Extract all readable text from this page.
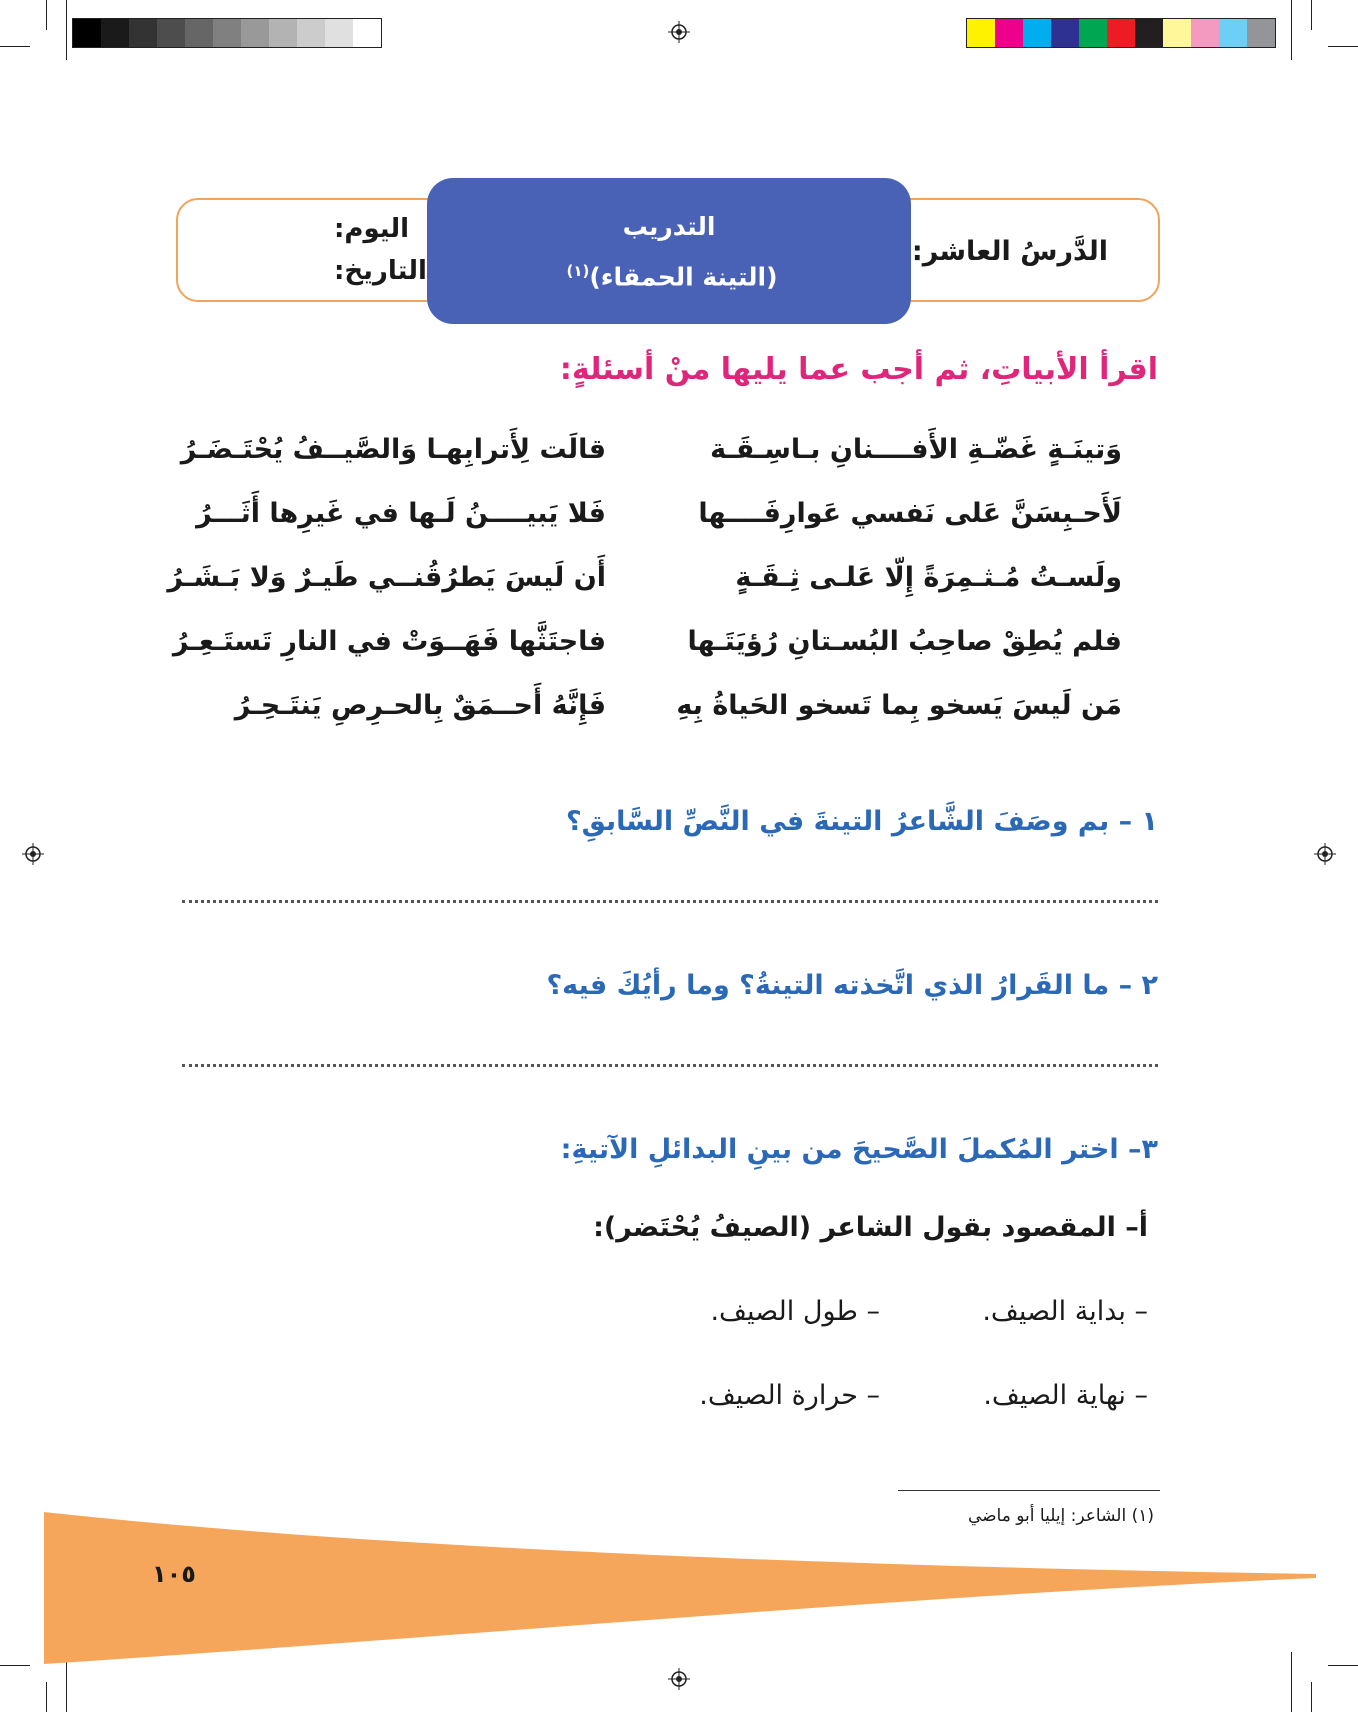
الدَّرسُ العاشر:
اليوم:
التاريخ:
التدريب
(التينة الحمقاء)$^{(١)}$
اقرأ الأبياتِ، ثم أجب عما يليها منْ أسئلةٍ:
وَتينَـةٍ غَضّـةِ الأَفــــنانِ بـاسِـقَـة
لَأَحـبِسَنَّ عَلى نَفسي عَوارِفَــــها
ولَسـتُ مُـثـمِرَةً إِلّا عَلـى ثِـقَـةٍ
فلم يُطِقْ صاحِبُ البُسـتانِ رُؤيَتَـها
مَن لَيسَ يَسخو بِما تَسخو الحَياةُ بِهِ
قالَت لِأَترابِهـا وَالصَّيــفُ يُحْتَـضَـرُ
فَلا يَبيــــنُ لَـها في غَيرِها أَثَـــرُ
أَن لَيسَ يَطرُقُنــي طَيـرٌ وَلا بَـشَـرُ
فاجتَثَّها فَهَــوَتْ في النارِ تَستَـعِـرُ
فَإِنَّهُ أَحــمَقٌ بِالحـرِصِ يَنتَـحِـرُ
١ – بم وصَفَ الشَّاعرُ التينةَ في النَّصِّ السَّابقِ؟
٢ – ما القَرارُ الذي اتَّخذته التينةُ؟ وما رأيُكَ فيه؟
٣– اختر المُكملَ الصَّحيحَ من بينِ البدائلِ الآتيةِ:
أ– المقصود بقول الشاعر (الصيفُ يُحْتَضر):
– بداية الصيف.
– طول الصيف.
– نهاية الصيف.
– حرارة الصيف.
(١) الشاعر: إيليا أبو ماضي
١٠٥
